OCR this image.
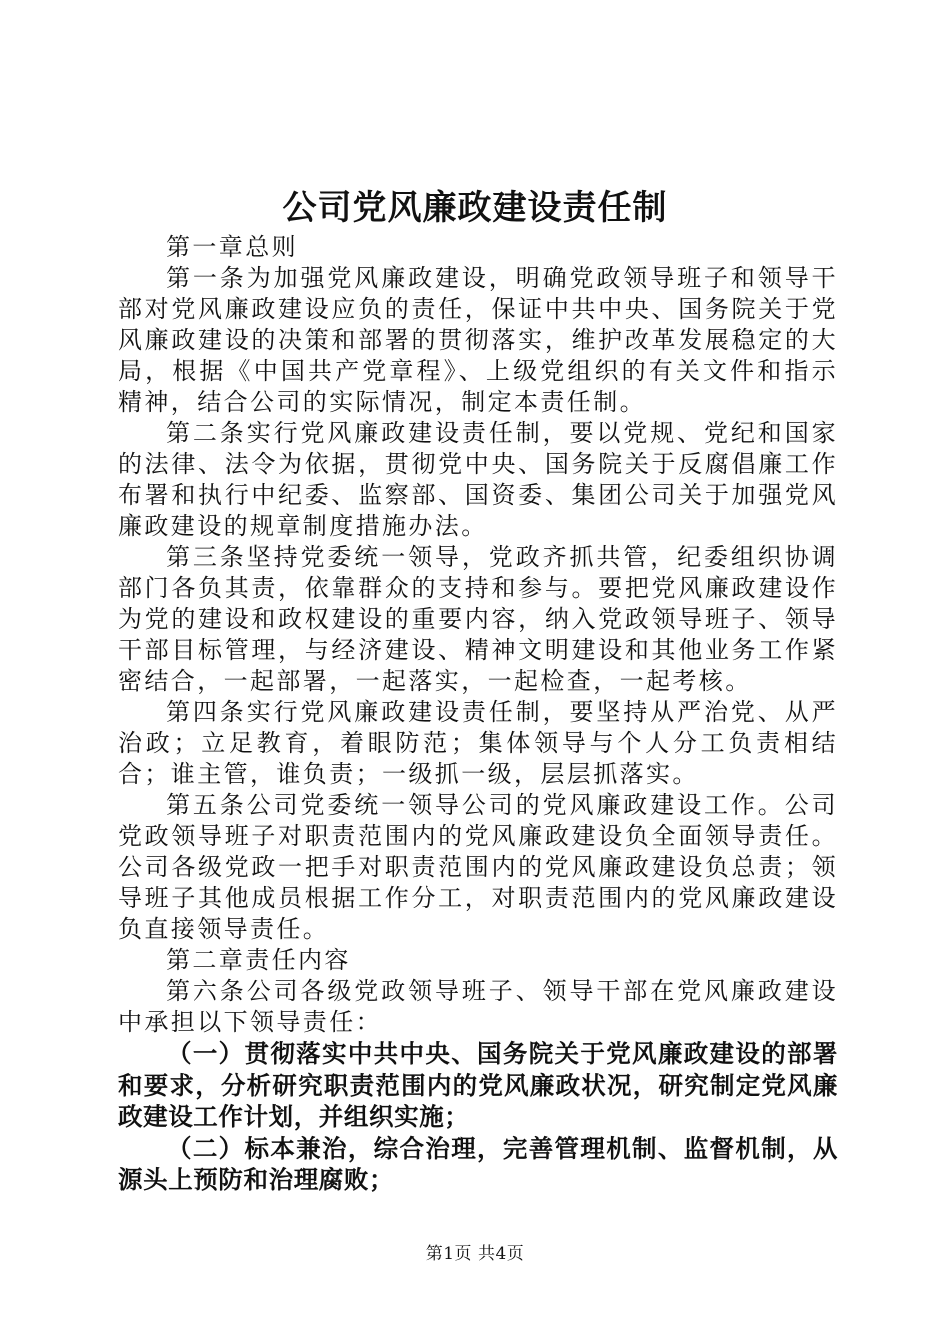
公司党风廉政建设责任制

第一章总则

第一条为加强党风廉政建设，明确党政领导班子和领导干部对党风廉政建设应负的责任，保证中共中央、国务院关于党风廉政建设的决策和部署的贯彻落实，维护改革发展稳定的大局，根据《中国共产党章程》、上级党组织的有关文件和指示精神，结合公司的实际情况，制定本责任制。

第二条实行党风廉政建设责任制，要以党规、党纪和国家的法律、法令为依据，贯彻党中央、国务院关于反腐倡廉工作布署和执行中纪委、监察部、国资委、集团公司关于加强党风廉政建设的规章制度措施办法。

第三条坚持党委统一领导，党政齐抓共管，纪委组织协调部门各负其责，依靠群众的支持和参与。要把党风廉政建设作为党的建设和政权建设的重要内容，纳入党政领导班子、领导干部目标管理，与经济建设、精神文明建设和其他业务工作紧密结合，一起部署，一起落实，一起检查，一起考核。

第四条实行党风廉政建设责任制，要坚持从严治党、从严治政；立足教育，着眼防范；集体领导与个人分工负责相结合；谁主管，谁负责；一级抓一级，层层抓落实。

第五条公司党委统一领导公司的党风廉政建设工作。公司党政领导班子对职责范围内的党风廉政建设负全面领导责任。公司各级党政一把手对职责范围内的党风廉政建设负总责；领导班子其他成员根据工作分工，对职责范围内的党风廉政建设负直接领导责任。

第二章责任内容

第六条公司各级党政领导班子、领导干部在党风廉政建设中承担以下领导责任：

（一）贯彻落实中共中央、国务院关于党风廉政建设的部署和要求，分析研究职责范围内的党风廉政状况，研究制定党风廉政建设工作计划，并组织实施；

（二）标本兼治，综合治理，完善管理机制、监督机制，从源头上预防和治理腐败；

第1页 共4页
